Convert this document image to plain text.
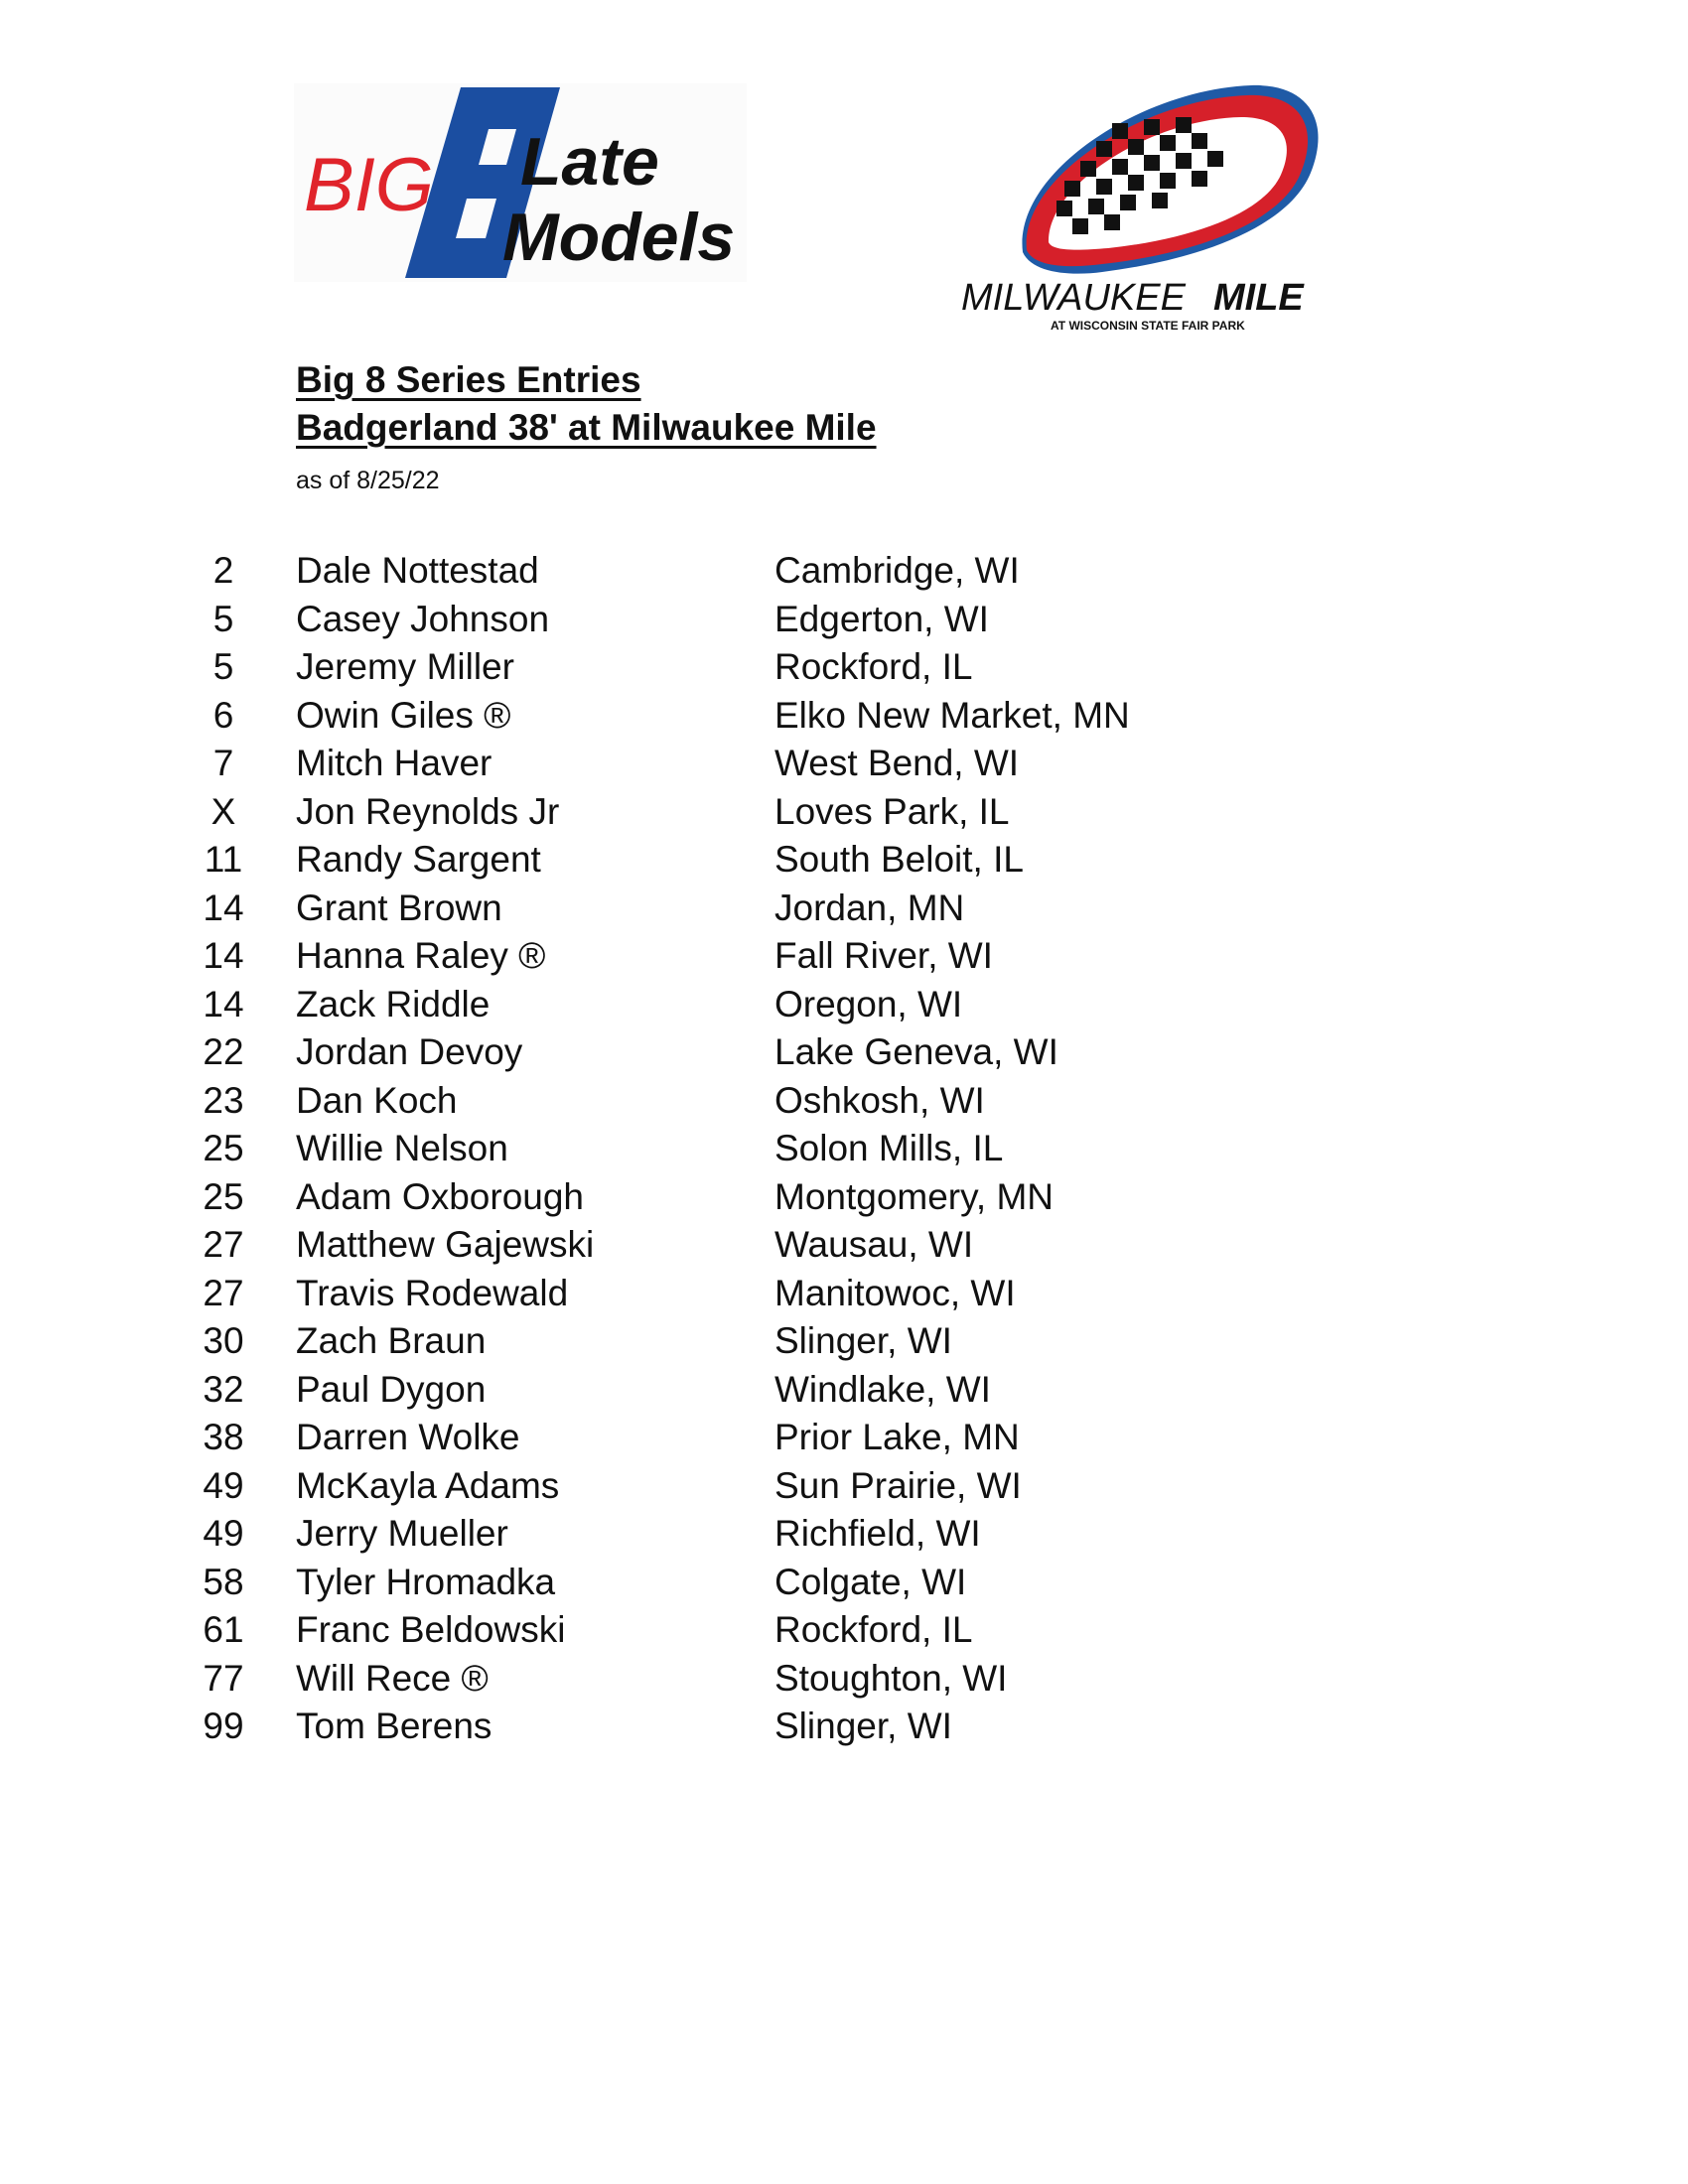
BIG Late
Models
MILWAUKEE MILE
AT WISCONSIN STATE FAIR PARK
Big 8 Series Entries
Badgerland 38' at Milwaukee Mile
as of 8/25/22
2	Dale Nottestad	Cambridge, WI
5	Casey Johnson	Edgerton, WI
5	Jeremy Miller	Rockford, IL
6	Owin Giles ®	Elko New Market, MN
7	Mitch Haver	West Bend, WI
X	Jon Reynolds Jr	Loves Park, IL
11	Randy Sargent	South Beloit, IL
14	Grant Brown	Jordan, MN
14	Hanna Raley ®	Fall River, WI
14	Zack Riddle	Oregon, WI
22	Jordan Devoy	Lake Geneva, WI
23	Dan Koch	Oshkosh, WI
25	Willie Nelson	Solon Mills, IL
25	Adam Oxborough	Montgomery, MN
27	Matthew Gajewski	Wausau, WI
27	Travis Rodewald	Manitowoc, WI
30	Zach Braun	Slinger, WI
32	Paul Dygon	Windlake, WI
38	Darren Wolke	Prior Lake, MN
49	McKayla Adams	Sun Prairie, WI
49	Jerry Mueller	Richfield, WI
58	Tyler Hromadka	Colgate, WI
61	Franc Beldowski	Rockford, IL
77	Will Rece ®	Stoughton, WI
99	Tom Berens	Slinger, WI
